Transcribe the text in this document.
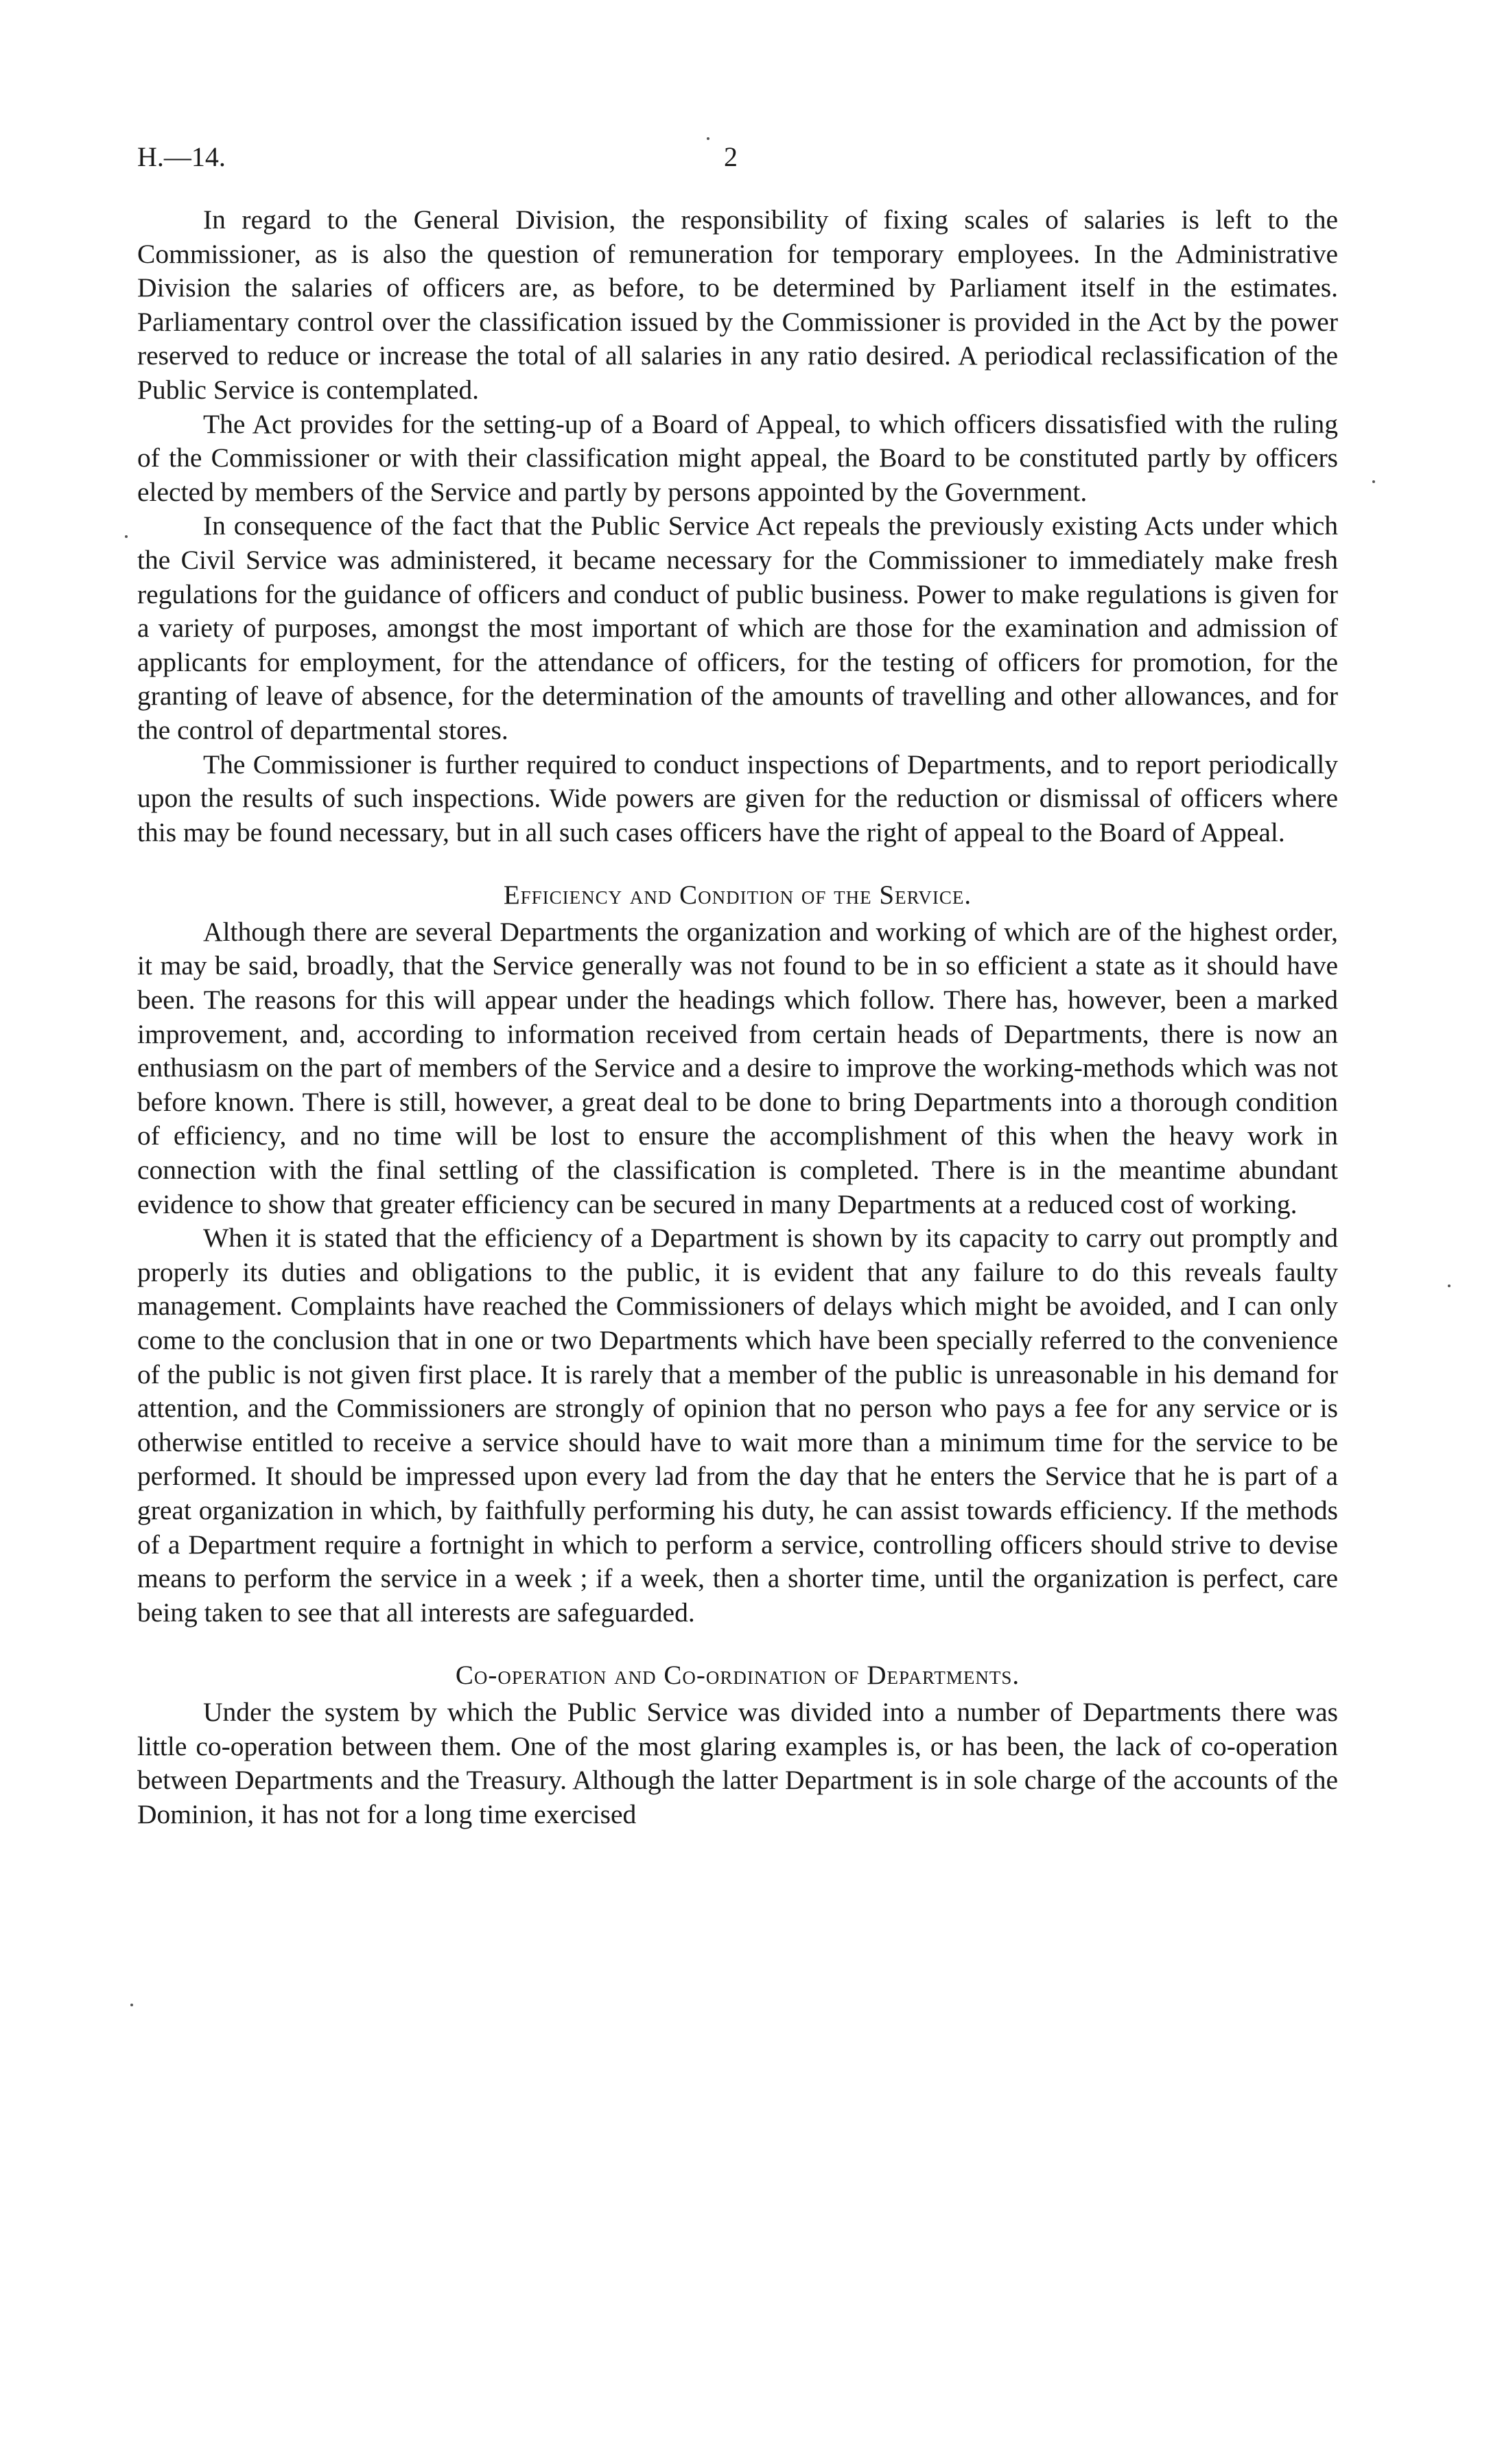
H.—14.	2

In regard to the General Division, the responsibility of fixing scales of salaries is left to the Commissioner, as is also the question of remuneration for temporary employees. In the Administrative Division the salaries of officers are, as before, to be determined by Parliament itself in the estimates. Parliamentary control over the classification issued by the Commissioner is provided in the Act by the power reserved to reduce or increase the total of all salaries in any ratio desired. A periodical reclassification of the Public Service is contemplated.

The Act provides for the setting-up of a Board of Appeal, to which officers dissatisfied with the ruling of the Commissioner or with their classification might appeal, the Board to be constituted partly by officers elected by members of the Service and partly by persons appointed by the Government.

In consequence of the fact that the Public Service Act repeals the previously existing Acts under which the Civil Service was administered, it became necessary for the Commissioner to immediately make fresh regulations for the guidance of officers and conduct of public business. Power to make regulations is given for a variety of purposes, amongst the most important of which are those for the examination and admission of applicants for employment, for the attendance of officers, for the testing of officers for promotion, for the granting of leave of absence, for the determination of the amounts of travelling and other allowances, and for the control of departmental stores.

The Commissioner is further required to conduct inspections of Departments, and to report periodically upon the results of such inspections. Wide powers are given for the reduction or dismissal of officers where this may be found necessary, but in all such cases officers have the right of appeal to the Board of Appeal.

Efficiency and Condition of the Service.

Although there are several Departments the organization and working of which are of the highest order, it may be said, broadly, that the Service generally was not found to be in so efficient a state as it should have been. The reasons for this will appear under the headings which follow. There has, however, been a marked improvement, and, according to information received from certain heads of Departments, there is now an enthusiasm on the part of members of the Service and a desire to improve the working-methods which was not before known. There is still, however, a great deal to be done to bring Departments into a thorough condition of efficiency, and no time will be lost to ensure the accomplishment of this when the heavy work in connection with the final settling of the classification is completed. There is in the meantime abundant evidence to show that greater efficiency can be secured in many Departments at a reduced cost of working.

When it is stated that the efficiency of a Department is shown by its capacity to carry out promptly and properly its duties and obligations to the public, it is evident that any failure to do this reveals faulty management. Complaints have reached the Commissioners of delays which might be avoided, and I can only come to the conclusion that in one or two Departments which have been specially referred to the convenience of the public is not given first place. It is rarely that a member of the public is unreasonable in his demand for attention, and the Commissioners are strongly of opinion that no person who pays a fee for any service or is otherwise entitled to receive a service should have to wait more than a minimum time for the service to be performed. It should be impressed upon every lad from the day that he enters the Service that he is part of a great organization in which, by faithfully performing his duty, he can assist towards efficiency. If the methods of a Department require a fortnight in which to perform a service, controlling officers should strive to devise means to perform the service in a week ; if a week, then a shorter time, until the organization is perfect, care being taken to see that all interests are safeguarded.

Co-operation and Co-ordination of Departments.

Under the system by which the Public Service was divided into a number of Departments there was little co-operation between them. One of the most glaring examples is, or has been, the lack of co-operation between Departments and the Treasury. Although the latter Department is in sole charge of the accounts of the Dominion, it has not for a long time exercised
